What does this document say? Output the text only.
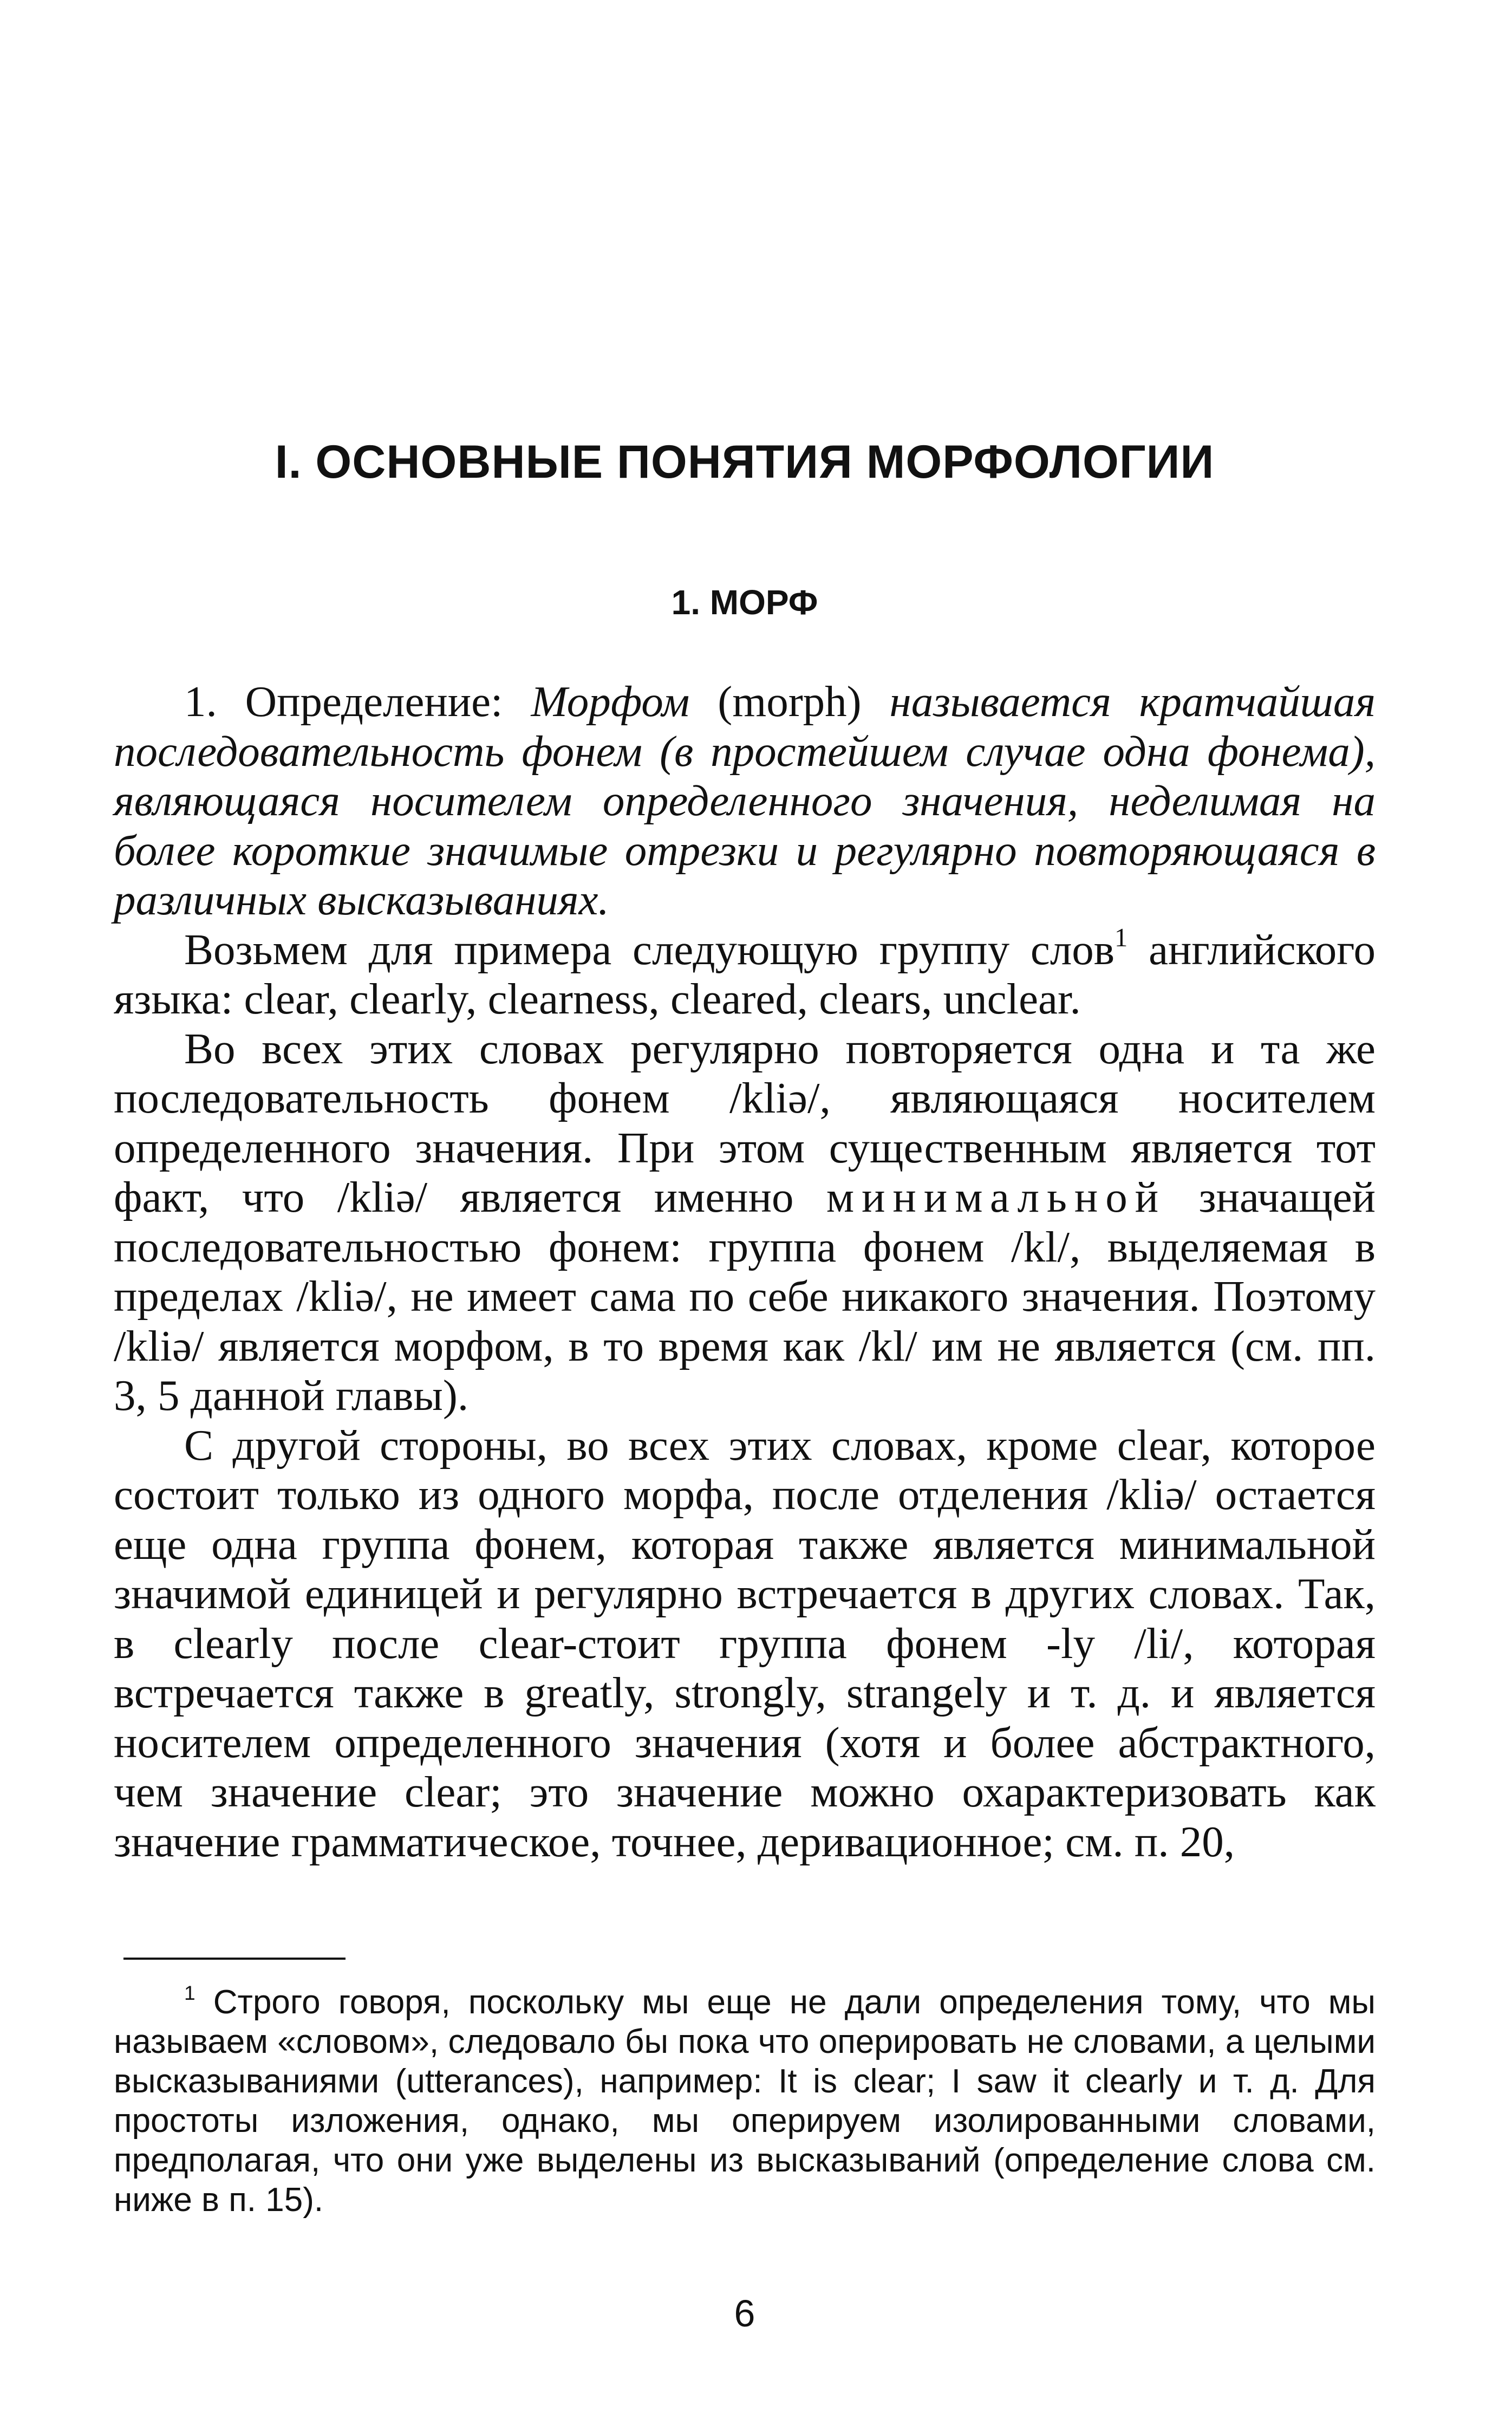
I. ОСНОВНЫЕ ПОНЯТИЯ МОРФОЛОГИИ
1. МОРФ

1. Определение: Морфом (morph) называется кратчайшая последовательность фонем (в простейшем случае одна фонема), являющаяся носителем определенного значения, неделимая на более короткие значимые отрезки и регулярно повторяющаяся в различных высказываниях.

Возьмем для примера следующую группу слов$^1$ английского языка: clear, clearly, clearness, cleared, clears, unclear.

Во всех этих словах регулярно повторяется одна и та же последовательность фонем /kliə/, являющаяся носителем определенного значения. При этом существенным является тот факт, что /kliə/ является именно минимальной значащей последовательностью фонем: группа фонем /kl/, выделяемая в пределах /kliə/, не имеет сама по себе никакого значения. Поэтому /kliə/ является морфом, в то время как /kl/ им не является (см. пп. 3, 5 данной главы).

С другой стороны, во всех этих словах, кроме clear, которое состоит только из одного морфа, после отделения /kliə/ остается еще одна группа фонем, которая также является минимальной значимой единицей и регулярно встречается в других словах. Так, в clearly после clear-стоит группа фонем -ly /li/, которая встречается также в greatly, strongly, strangely и т. д. и является носителем определенного значения (хотя и более абстрактного, чем значение clear; это значение можно охарактеризовать как значение грамматическое, точнее, деривационное; см. п. 20,

$^1$ Строго говоря, поскольку мы еще не дали определения тому, что мы называем «словом», следовало бы пока что оперировать не словами, а целыми высказываниями (utterances), например: It is clear; I saw it clearly и т. д. Для простоты изложения, однако, мы оперируем изолированными словами, предполагая, что они уже выделены из высказываний (определение слова см. ниже в п. 15).

6
